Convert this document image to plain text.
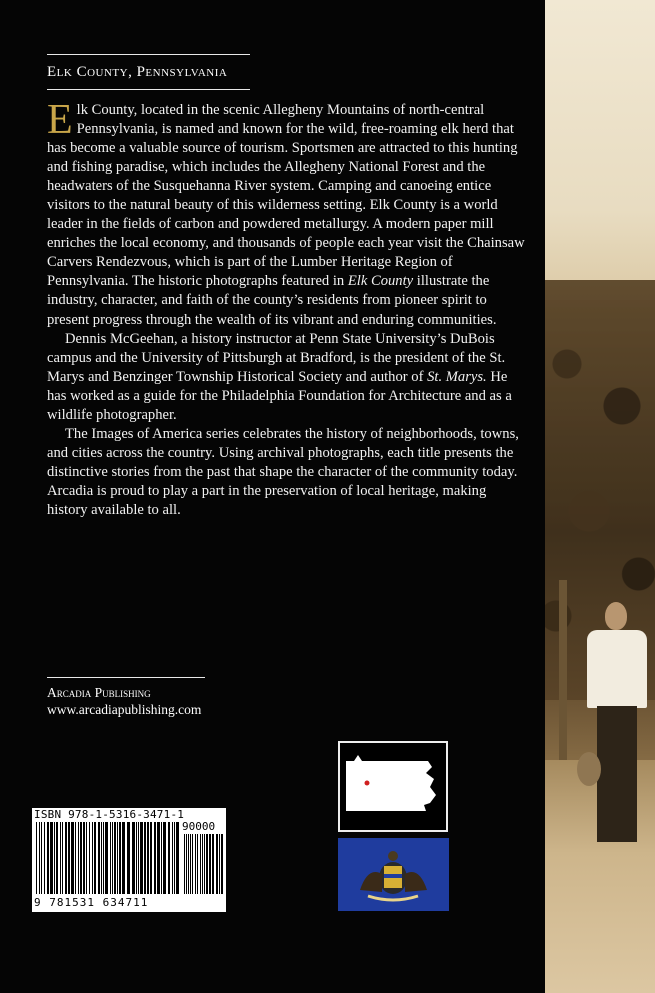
Elk County, Pennsylvania

Elk County, located in the scenic Allegheny Mountains of north-central Pennsylvania, is named and known for the wild, free-roaming elk herd that has become a valuable source of tourism. Sportsmen are attracted to this hunting and fishing paradise, which includes the Allegheny National Forest and the headwaters of the Susquehanna River system. Camping and canoeing entice visitors to the natural beauty of this wilderness setting. Elk County is a world leader in the fields of carbon and powdered metallurgy. A modern paper mill enriches the local economy, and thousands of people each year visit the Chainsaw Carvers Rendezvous, which is part of the Lumber Heritage Region of Pennsylvania. The historic photographs featured in Elk County illustrate the industry, character, and faith of the county’s residents from pioneer spirit to present progress through the wealth of its vibrant and enduring communities.

Dennis McGeehan, a history instructor at Penn State University’s DuBois campus and the University of Pittsburgh at Bradford, is the president of the St. Marys and Benzinger Township Historical Society and author of St. Marys. He has worked as a guide for the Philadelphia Foundation for Architecture and as a wildlife photographer.

The Images of America series celebrates the history of neighborhoods, towns, and cities across the country. Using archival photographs, each title presents the distinctive stories from the past that shape the character of the community today. Arcadia is proud to play a part in the preservation of local heritage, making history available to all.

Arcadia Publishing
www.arcadiapublishing.com
ISBN 978-1-5316-3471-1
90000
9 781531 634711
